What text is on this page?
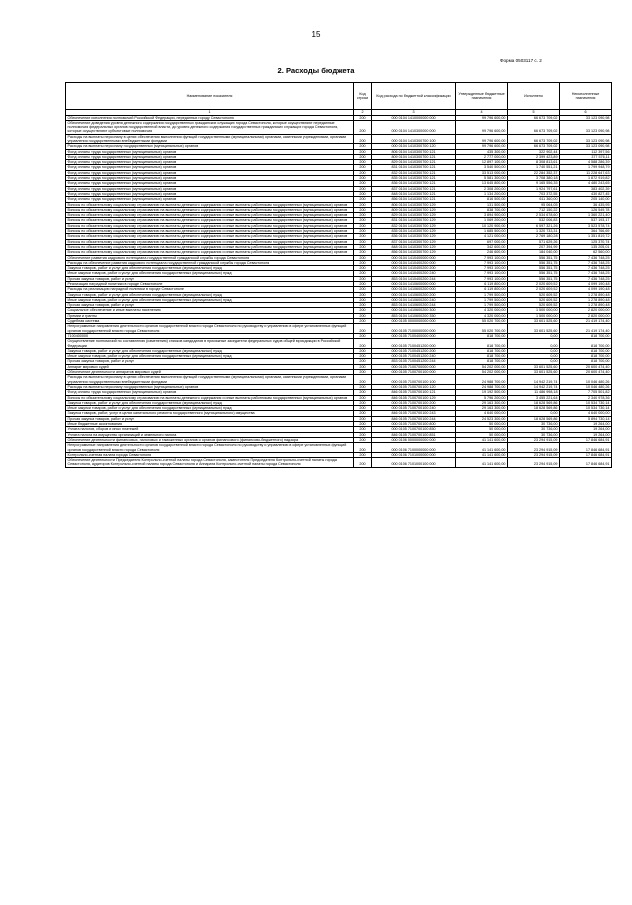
15
Форма 0503117 с. 2
2. Расходы бюджета
Наименование показателя	Код строки	Код расхода по бюджетной классификации	Утвержденные бюджетные назначения	Исполнено	Неисполненные назначения
1	2	3	4	5	6
Обеспечение исполнения полномочий Российской Федерации, переданных городу Севастополю	200	000 0104 1410000000 000	99 796 600,00	66 673 709,02	33 123 090,98
Обеспечение доведения уровня денежного содержания государственных гражданских служащих города Севастополя, которые осуществляют переданные полномочия федеральных органов государственной власти, до уровня денежного содержания государственных гражданских служащих города Севастополя, которые осуществляют субъектовые полномочия	200	000 0104 1410300000 000	99 796 600,00	66 673 709,02	33 123 090,98
Расходы на выплаты персоналу в целях обеспечения выполнения функций государственными (муниципальными) органами, казенными учреждениями, органами управления государственными внебюджетными фондами	200	000 0104 1410300700 100	99 796 600,00	66 673 709,02	33 123 090,98
Расходы на выплаты персоналу государственных (муниципальных) органов	200	000 0104 1410300700 120	99 796 600,00	66 673 709,02	33 123 090,98
Фонд оплаты труда государственных (муниципальных) органов	200	806 0104 1410300700 121	435 300,00	322 902,44	112 397,56
Фонд оплаты труда государственных (муниципальных) органов	200	809 0104 1410300700 121	2 777 000,00	2 399 423,89	377 576,11
Фонд оплаты труда государственных (муниципальных) органов	200	829 0104 1410300700 121	12 897 100,00	8 308 813,61	4 588 286,39
Фонд оплаты труда государственных (муниципальных) органов	200	831 0104 1410300700 121	3 540 500,00	1 740 551,21	1 799 948,79
Фонд оплаты труда государственных (муниципальных) органов	200	832 0104 1410300700 121	33 513 000,00	22 284 352,37	11 228 647,63
Фонд оплаты труда государственных (муниципальных) органов	200	835 0104 1410300700 121	5 581 300,00	3 708 380,18	1 872 919,82
Фонд оплаты труда государственных (муниципальных) органов	200	836 0104 1410300700 121	13 645 800,00	9 165 556,35	4 480 243,65
Фонд оплаты труда государственных (муниципальных) органов	200	837 0104 1410300700 121	2 308 200,00	1 924 797,61	383 402,39
Фонд оплаты труда государственных (муниципальных) органов	200	848 0104 1410300700 121	1 134 200,00	703 372,55	430 827,45
Фонд оплаты труда государственных (муниципальных) органов	200	856 0104 1410300700 121	816 500,00	611 360,00	205 140,00
Взносы по обязательному социальному страхованию на выплаты денежного содержания и иные выплаты работникам государственных (муниципальных) органов	200	806 0104 1410300700 129	131 500,00	95 064,05	36 435,95
Взносы по обязательному социальному страхованию на выплаты денежного содержания и иные выплаты работникам государственных (муниципальных) органов	200	809 0104 1410300700 129	838 700,00	712 150,22	126 549,78
Взносы по обязательному социальному страхованию на выплаты денежного содержания и иные выплаты работникам государственных (муниципальных) органов	200	829 0104 1410300700 129	3 894 900,00	2 534 678,60	1 360 221,40
Взносы по обязательному социальному страхованию на выплаты денежного содержания и иные выплаты работникам государственных (муниципальных) органов	200	831 0104 1410300700 129	1 069 200,00	532 006,83	537 193,17
Взносы по обязательному социальному страхованию на выплаты денежного содержания и иные выплаты работникам государственных (муниципальных) органов	200	832 0104 1410300700 129	10 120 900,00	6 597 321,26	3 523 578,74
Взносы по обязательному социальному страхованию на выплаты денежного содержания и иные выплаты работникам государственных (муниципальных) органов	200	835 0104 1410300700 129	1 685 500,00	1 320 733,31	364 766,69
Взносы по обязательному социальному страхованию на выплаты денежного содержания и иные выплаты работникам государственных (муниципальных) органов	200	836 0104 1410300700 129	4 121 000,00	2 769 180,28	1 351 819,72
Взносы по обязательному социальному страхованию на выплаты денежного содержания и иные выплаты работникам государственных (муниципальных) органов	200	837 0104 1410300700 129	697 000,00	571 629,26	125 370,74
Взносы по обязательному социальному страхованию на выплаты денежного содержания и иные выплаты работникам государственных (муниципальных) органов	200	848 0104 1410300700 129	342 600,00	207 394,99	135 205,01
Взносы по обязательному социальному страхованию на выплаты денежного содержания и иные выплаты работникам государственных (муниципальных) органов	200	856 0104 1410300700 129	246 600,00	184 040,00	62 560,00
Обеспечение развития кадрового потенциала государственной гражданской службы города Севастополя	200	000 0104 1410400000 000	7 993 100,00	556 351,75	7 436 748,25
Расходы на обеспечение развития кадрового потенциала государственной гражданской службы города Севастополя	200	000 0104 1410400200 000	7 993 100,00	556 351,75	7 436 748,25
Закупка товаров, работ и услуг для обеспечения государственных (муниципальных) нужд	200	000 0104 1410400200 200	7 993 100,00	556 351,75	7 436 748,25
Иные закупки товаров, работ и услуг для обеспечения государственных (муниципальных) нужд	200	000 0104 1410400200 240	7 993 100,00	556 351,75	7 436 748,25
Прочая закупка товаров, работ и услуг	200	853 0104 1410400200 244	7 993 100,00	556 351,75	7 436 748,25
Реализация наградной политики в городе Севастополе	200	000 0104 1410600000 000	6 119 800,00	2 020 609,52	4 099 190,48
Расходы на реализацию наградной политики в городе Севастополе	200	000 0104 1410600200 000	6 119 800,00	2 020 609,52	4 099 190,48
Закупка товаров, работ и услуг для обеспечения государственных (муниципальных) нужд	200	000 0104 1410600200 200	1 799 500,00	520 609,52	1 278 890,48
Иные закупки товаров, работ и услуг для обеспечения государственных (муниципальных) нужд	200	000 0104 1410600200 240	1 799 500,00	520 609,52	1 278 890,48
Прочая закупка товаров, работ и услуг	200	853 0104 1410600200 244	1 799 500,00	520 609,52	1 278 890,48
Социальное обеспечение и иные выплаты населению	200	000 0104 1410600200 300	4 320 000,00	1 500 000,00	2 820 000,00
Премии и гранты	200	853 0104 1410600200 350	4 320 000,00	1 500 000,00	2 820 000,00
Судебная система	200	000 0105 0000000000 000	55 020 700,00	33 601 525,60	21 419 174,40
Непрограммные направления деятельности органов государственной власти города Севастополя по руководству и управлению в сфере установленных функций органов государственной власти города Севастополя	200	000 0105 7100000000 000	55 020 700,00	33 601 525,60	21 419 174,40
7100400000	200	000 0105 7100400000 000	818 700,00	0,00	818 700,00
Осуществление полномочий по составлению (изменению) списков кандидатов в присяжные заседатели федеральных судов общей юрисдикции в Российской Федерации	200	000 0105 7100451200 000	818 700,00	0,00	818 700,00
Закупка товаров, работ и услуг для обеспечения государственных (муниципальных) нужд	200	000 0105 7100451200 200	818 700,00	0,00	818 700,00
Иные закупки товаров, работ и услуг для обеспечения государственных (муниципальных) нужд	200	000 0105 7100451200 240	818 700,00	0,00	818 700,00
Прочая закупка товаров, работ и услуг	200	853 0105 7100451200 244	818 700,00	0,00	818 700,00
Аппарат мировых судей	200	000 0105 7100700000 000	54 202 000,00	33 601 525,60	20 600 474,40
Обеспечение деятельности аппаратов мировых судей	200	000 0105 7100700100 000	54 202 000,00	33 601 525,60	20 600 474,40
Расходы на выплаты персоналу в целях обеспечения выполнения функций государственными (муниципальными) органами, казенными учреждениями, органами управления государственными внебюджетными фондами	200	000 0105 7100700100 100	24 988 700,00	14 942 219,74	10 046 480,26
Расходы на выплаты персоналу государственных (муниципальных) органов	200	000 0105 7100700100 120	24 988 700,00	14 942 219,74	10 046 480,26
Фонд оплаты труда государственных (муниципальных) органов	200	846 0105 7100700100 121	19 192 500,00	11 486 998,18	7 705 501,82
Взносы по обязательному социальному страхованию на выплаты денежного содержания и иные выплаты работникам государственных (муниципальных) органов	200	846 0105 7100700100 129	5 796 200,00	3 455 221,64	2 340 978,36
Закупка товаров, работ и услуг для обеспечения государственных (муниципальных) нужд	200	000 0105 7100700100 200	29 163 300,00	18 628 569,86	10 534 730,14
Иные закупки товаров, работ и услуг для обеспечения государственных (муниципальных) нужд	200	000 0105 7100700100 240	29 163 300,00	18 628 569,86	10 534 730,14
Закупка товаров, работ, услуг в целях капитального ремонта государственного (муниципального) имущества	200	846 0105 7100700100 243	4 640 000,00	0,00	4 640 000,00
Прочая закупка товаров, работ и услуг	200	846 0105 7100700100 244	24 523 300,00	18 628 569,86	5 894 730,14
Иные бюджетные ассигнования	200	000 0105 7100700100 800	50 000,00	30 736,00	19 264,00
Уплата налогов, сборов и иных платежей	200	000 0105 7100700100 850	50 000,00	30 736,00	19 264,00
Уплата налога на имущество организаций и земельного налога	200	846 0105 7100700100 851	50 000,00	30 736,00	19 264,00
Обеспечение деятельности финансовых, налоговых и таможенных органов и органов финансового (финансово-бюджетного) надзора	200	000 0106 0000000000 000	41 141 600,00	23 294 915,09	17 846 684,91
Непрограммные направления деятельности органов государственной власти города Севастополя по руководству и управлению в сфере установленных функций органов государственной власти города Севастополя	200	000 0106 7100000000 000	41 141 600,00	23 294 915,09	17 846 684,91
Контрольно-счетная палата города Севастополя	200	000 0106 7101000000 000	41 141 600,00	23 294 915,09	17 846 684,91
Обеспечение деятельности Председателя Контрольно-счетной палаты города Севастополя, заместителя Председателя Контрольно-счетной палаты города Севастополя, аудиторов Контрольно-счетной палаты города Севастополя и Аппарата Контрольно-счетной палаты города Севастополя	200	000 0106 7101000100 000	41 141 600,00	23 294 915,09	17 846 684,91
